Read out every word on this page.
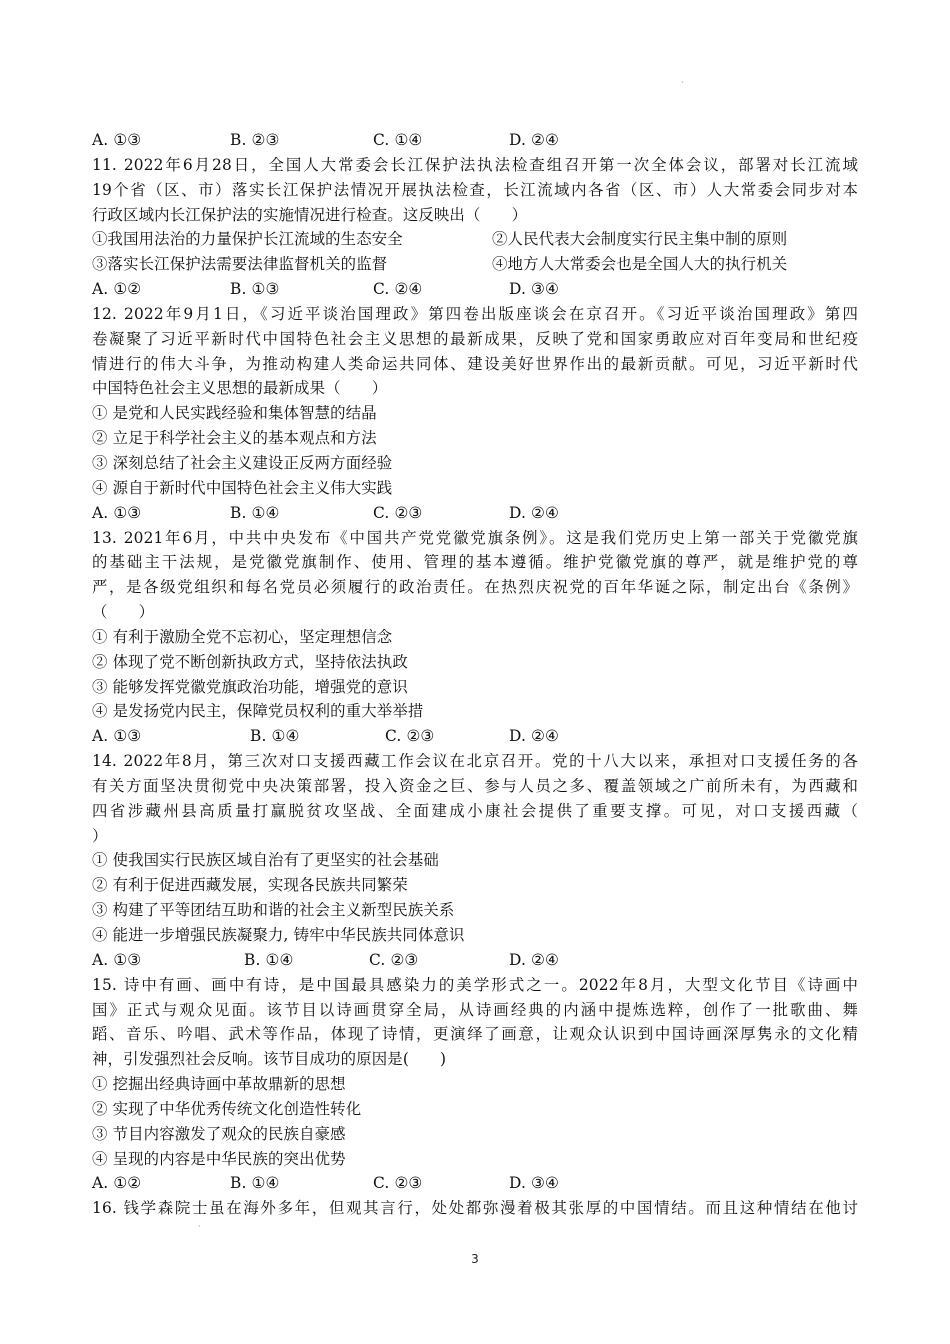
·
A. ①③	B. ②③	C. ①④	D. ②④
11. 2022年6月28日，全国人大常委会长江保护法执法检查组召开第一次全体会议，部署对长江流域
19个省（区、市）落实长江保护法情况开展执法检查，长江流域内各省（区、市）人大常委会同步对本
行政区域内长江保护法的实施情况进行检查。这反映出（　　）
①我国用法治的力量保护长江流域的生态安全	②人民代表大会制度实行民主集中制的原则
③落实长江保护法需要法律监督机关的监督	④地方人大常委会也是全国人大的执行机关
A. ①②	B. ①③	C. ②④	D. ③④
12. 2022年9月1日，《习近平谈治国理政》第四卷出版座谈会在京召开。《习近平谈治国理政》第四
卷凝聚了习近平新时代中国特色社会主义思想的最新成果，反映了党和国家勇敢应对百年变局和世纪疫
情进行的伟大斗争，为推动构建人类命运共同体、建设美好世界作出的最新贡献。可见，习近平新时代
中国特色社会主义思想的最新成果（　　）
① 是党和人民实践经验和集体智慧的结晶
② 立足于科学社会主义的基本观点和方法
③ 深刻总结了社会主义建设正反两方面经验
④ 源自于新时代中国特色社会主义伟大实践
A. ①③	B. ①④	C. ②③	D. ②④
13. 2021年6月，中共中央发布《中国共产党党徽党旗条例》。这是我们党历史上第一部关于党徽党旗
的基础主干法规，是党徽党旗制作、使用、管理的基本遵循。维护党徽党旗的尊严，就是维护党的尊
严，是各级党组织和每名党员必须履行的政治责任。在热烈庆祝党的百年华诞之际，制定出台《条例》
（　　）
① 有利于激励全党不忘初心，坚定理想信念
② 体现了党不断创新执政方式，坚持依法执政
③ 能够发挥党徽党旗政治功能，增强党的意识
④ 是发扬党内民主，保障党员权利的重大举举措
A. ①③	B. ①④	C. ②③	D. ②④
14. 2022年8月，第三次对口支援西藏工作会议在北京召开。党的十八大以来，承担对口支援任务的各
有关方面坚决贯彻党中央决策部署，投入资金之巨、参与人员之多、覆盖领域之广前所未有，为西藏和
四省涉藏州县高质量打赢脱贫攻坚战、全面建成小康社会提供了重要支撑。可见，对口支援西藏（
）
① 使我国实行民族区域自治有了更坚实的社会基础
② 有利于促进西藏发展，实现各民族共同繁荣
③ 构建了平等团结互助和谐的社会主义新型民族关系
④ 能进一步增强民族凝聚力, 铸牢中华民族共同体意识
A. ①③	B. ①④	C. ②③	D. ②④
15. 诗中有画、画中有诗，是中国最具感染力的美学形式之一。2022年8月，大型文化节目《诗画中
国》正式与观众见面。该节目以诗画贯穿全局，从诗画经典的内涵中提炼选粹，创作了一批歌曲、舞
蹈、音乐、吟唱、武术等作品，体现了诗情，更演绎了画意，让观众认识到中国诗画深厚隽永的文化精
神，引发强烈社会反响。该节目成功的原因是(　　)
① 挖掘出经典诗画中革故鼎新的思想
② 实现了中华优秀传统文化创造性转化
③ 节目内容激发了观众的民族自豪感
④ 呈现的内容是中华民族的突出优势
A. ①②	B. ①④	C. ②③	D. ③④
16. 钱学森院士虽在海外多年，但观其言行，处处都弥漫着极其张厚的中国情结。而且这种情结在他讨
·
3
